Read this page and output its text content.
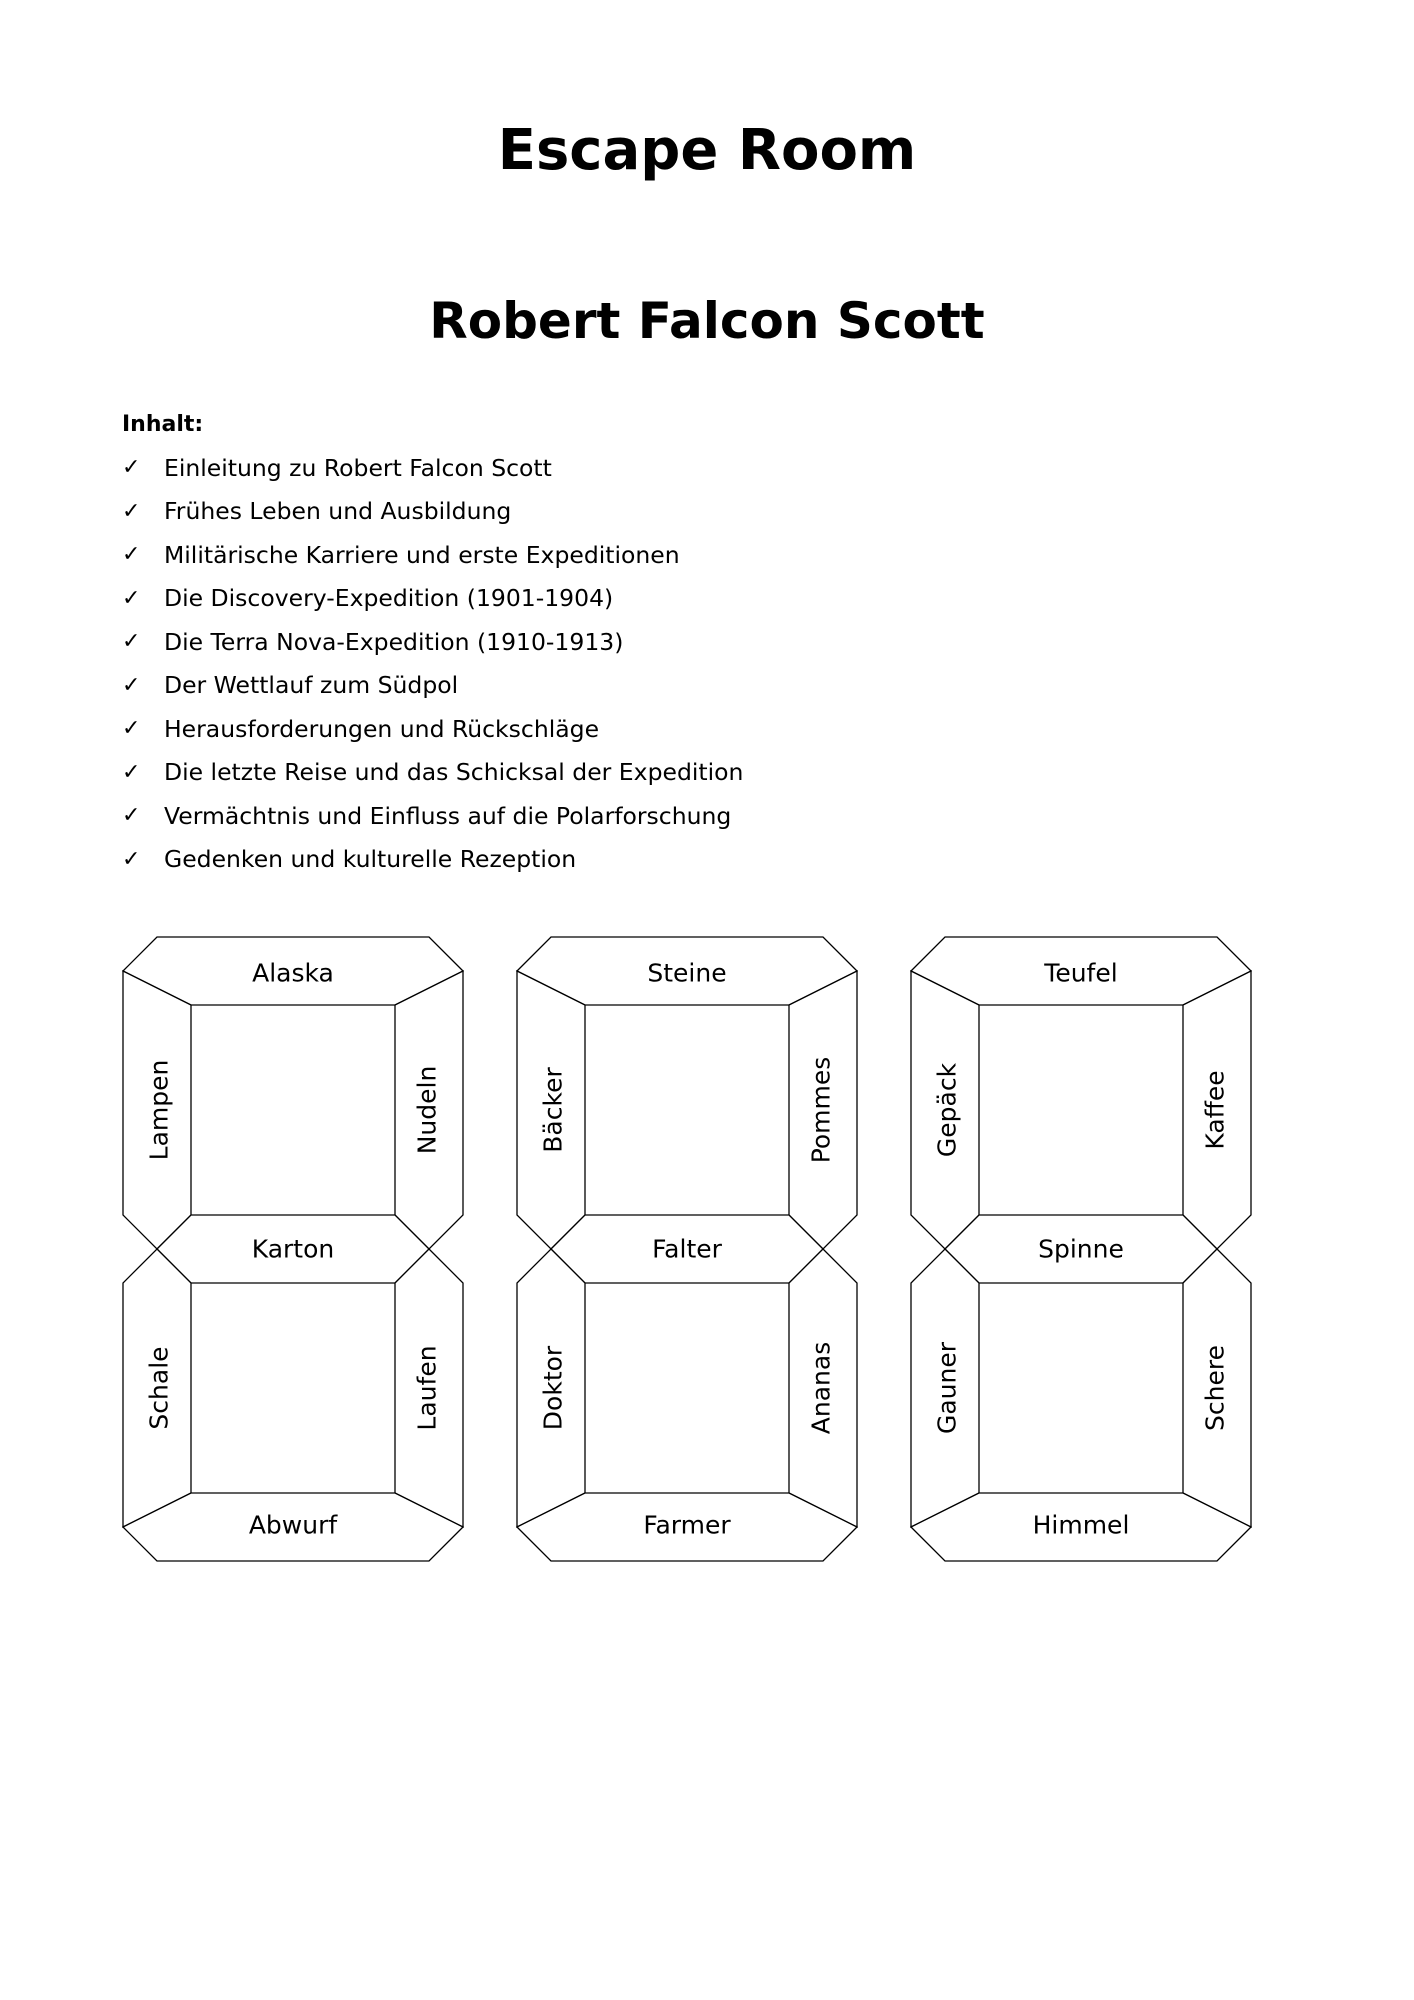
Escape Room
Robert Falcon Scott
Inhalt:
✓	Einleitung zu Robert Falcon Scott
✓	Frühes Leben und Ausbildung
✓	Militärische Karriere und erste Expeditionen
✓	Die Discovery-Expedition (1901-1904)
✓	Die Terra Nova-Expedition (1910-1913)
✓	Der Wettlauf zum Südpol
✓	Herausforderungen und Rückschläge
✓	Die letzte Reise und das Schicksal der Expedition
✓	Vermächtnis und Einfluss auf die Polarforschung
✓	Gedenken und kulturelle Rezeption
Alaska
Lampen	Nudeln
Karton
Schale	Laufen
Abwurf
Steine
Bäcker	Pommes
Falter
Doktor	Ananas
Farmer
Teufel
Gepäck	Kaffee
Spinne
Gauner	Schere
Himmel
